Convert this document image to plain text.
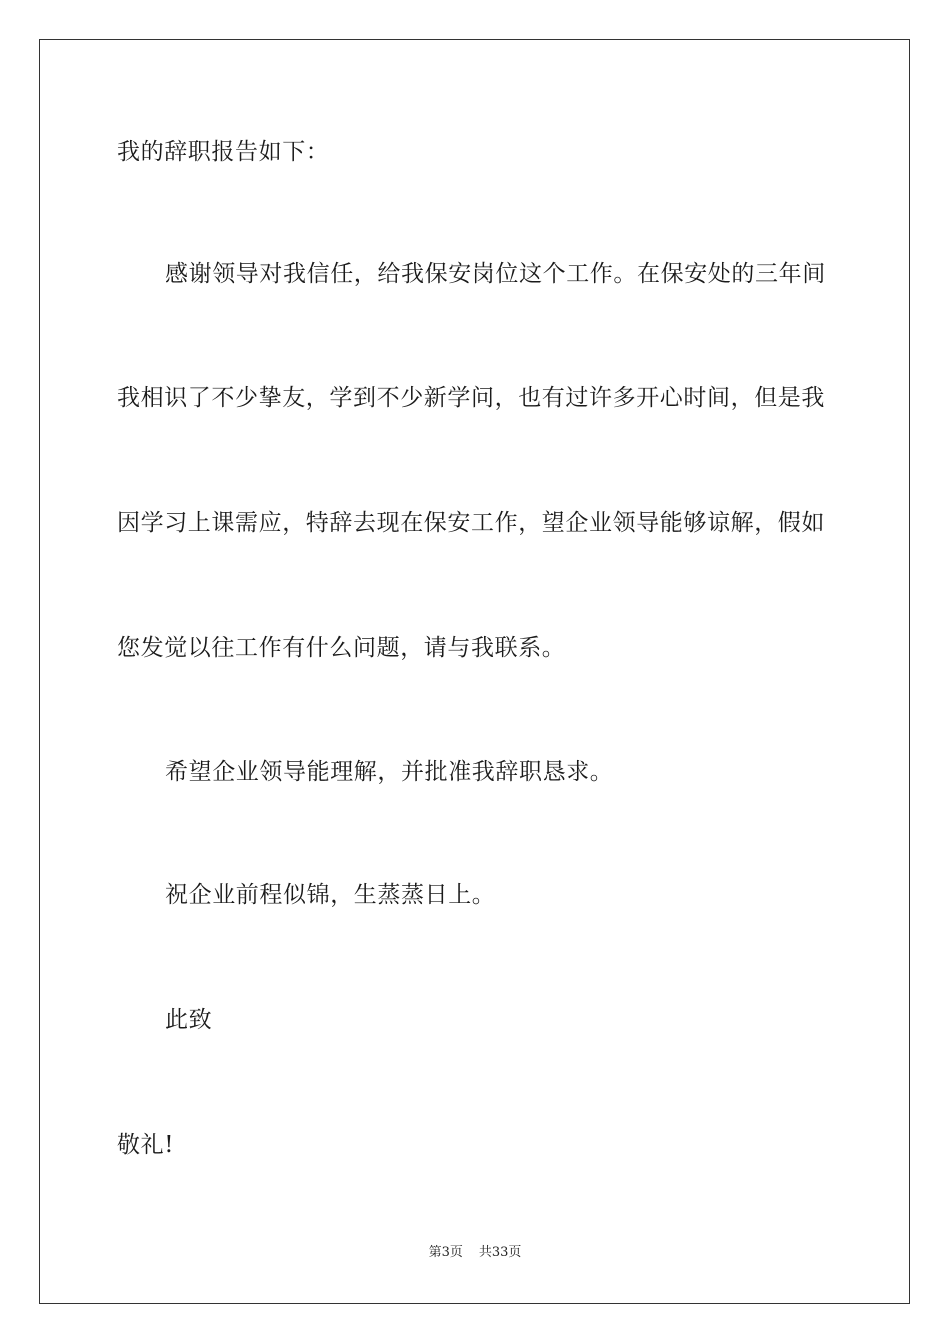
我的辞职报告如下：
感谢领导对我信任，给我保安岗位这个工作。在保安处的三年间
我相识了不少挚友，学到不少新学问，也有过许多开心时间，但是我
因学习上课需应，特辞去现在保安工作，望企业领导能够谅解，假如
您发觉以往工作有什么问题，请与我联系。
希望企业领导能理解，并批准我辞职恳求。
祝企业前程似锦，生蒸蒸日上。
此致
敬礼!
第3页 共33页
